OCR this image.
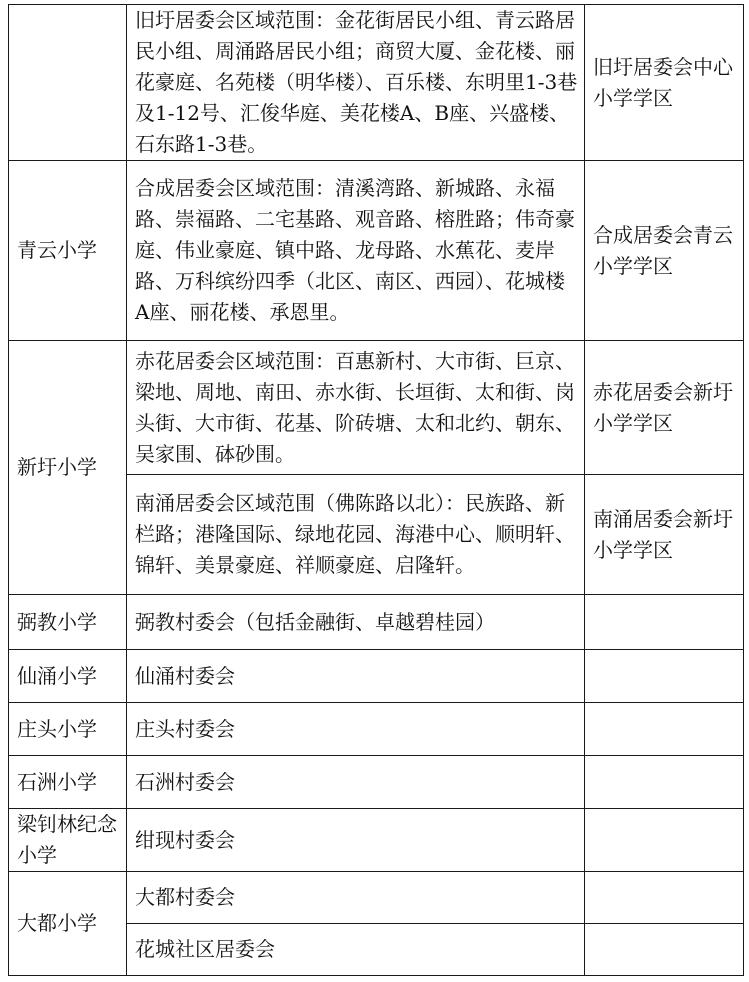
	旧圩居委会区域范围：金花街居民小组、青云路居民小组、周涌路居民小组；商贸大厦、金花楼、丽花豪庭、名苑楼（明华楼）、百乐楼、东明里1-3巷及1-12号、汇俊华庭、美花楼A、B座、兴盛楼、石东路1-3巷。	旧圩居委会中心小学学区
青云小学	合成居委会区域范围：清溪湾路、新城路、永福路、崇福路、二宅基路、观音路、榕胜路；伟奇豪庭、伟业豪庭、镇中路、龙母路、水蕉花、麦岸路、万科缤纷四季（北区、南区、西园）、花城楼A座、丽花楼、承恩里。	合成居委会青云小学学区
新圩小学	赤花居委会区域范围：百惠新村、大市街、巨京、梁地、周地、南田、赤水街、长垣街、太和街、岗头街、大市街、花基、阶砖塘、太和北约、朝东、吴家围、砵砂围。	赤花居委会新圩小学学区
	南涌居委会区域范围（佛陈路以北）：民族路、新栏路；港隆国际、绿地花园、海港中心、顺明轩、锦轩、美景豪庭、祥顺豪庭、启隆轩。	南涌居委会新圩小学学区
弼教小学	弼教村委会（包括金融街、卓越碧桂园）	
仙涌小学	仙涌村委会	
庄头小学	庄头村委会	
石洲小学	石洲村委会	
梁钊林纪念小学	绀现村委会	
大都小学	大都村委会	
	花城社区居委会	
